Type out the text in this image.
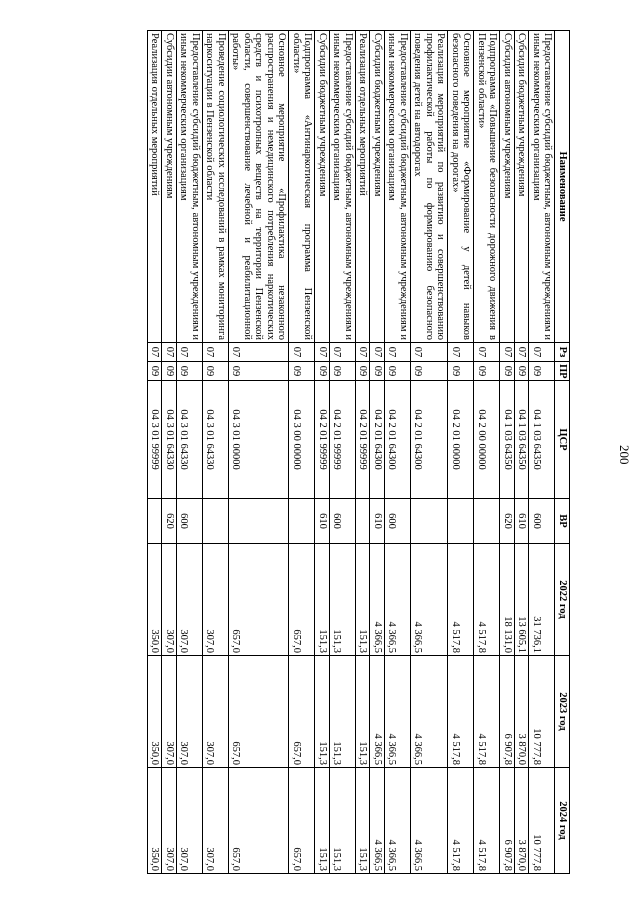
200
Наименование	Рз	ПР	ЦСР	ВР	2022 год	2023 год	2024 год
Предоставление субсидий бюджетным, автономным учреждениям и иным некоммерческим организациям	07	09	04 1 03 64350	600	31 736,1	10 777,8	10 777,8
Субсидии бюджетным учреждениям	07	09	04 1 03 64350	610	13 605,1	3 870,0	3 870,0
Субсидии автономным учреждениям	07	09	04 1 03 64350	620	18 131,0	6 907,8	6 907,8
Подпрограмма «Повышение безопасности дорожного движения в Пензенской области»	07	09	04 2 00 00000		4 517,8	4 517,8	4 517,8
Основное мероприятие «Формирование у детей навыков безопасного поведения на дорогах»	07	09	04 2 01 00000		4 517,8	4 517,8	4 517,8
Реализация мероприятий по развитию и совершенствованию профилактической работы по формированию безопасного поведения детей на автодорогах	07	09	04 2 01 64300		4 366,5	4 366,5	4 366,5
Предоставление субсидий бюджетным, автономным учреждениям и иным некоммерческим организациям	07	09	04 2 01 64300	600	4 366,5	4 366,5	4 366,5
Субсидии бюджетным учреждениям	07	09	04 2 01 64300	610	4 366,5	4 366,5	4 366,5
Реализация отдельных мероприятий	07	09	04 2 01 99999		151,3	151,3	151,3
Предоставление субсидий бюджетным, автономным учреждениям и иным некоммерческим организациям	07	09	04 2 01 99999	600	151,3	151,3	151,3
Субсидии бюджетным учреждениям	07	09	04 2 01 99999	610	151,3	151,3	151,3
Подпрограмма «Антинаркотическая программа Пензенской области»	07	09	04 3 00 00000		657,0	657,0	657,0
Основное мероприятие «Профилактика незаконного распространения и немедицинского потребления наркотических средств и психотропных веществ на территории Пензенской области, совершенствование лечебной и реабилитационной работы»	07	09	04 3 01 00000		657,0	657,0	657,0
Проведение социологических исследований в рамках мониторинга наркоситуации в Пензенской области	07	09	04 3 01 64330		307,0	307,0	307,0
Предоставление субсидий бюджетным, автономным учреждениям и иным некоммерческим организациям	07	09	04 3 01 64330	600	307,0	307,0	307,0
Субсидии автономным учреждениям	07	09	04 3 01 64330	620	307,0	307,0	307,0
Реализация отдельных мероприятий	07	09	04 3 01 99999		350,0	350,0	350,0
